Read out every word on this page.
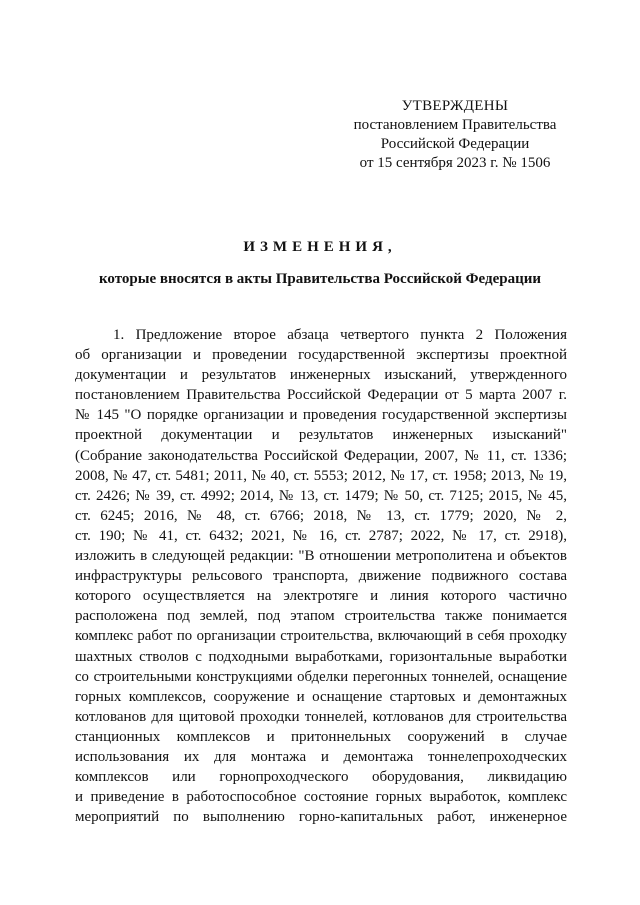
УТВЕРЖДЕНЫ
постановлением Правительства
Российской Федерации
от 15 сентября 2023 г. № 1506
ИЗМЕНЕНИЯ,
которые вносятся в акты Правительства Российской Федерации
1. Предложение второе абзаца четвертого пункта 2 Положения
об организации и проведении государственной экспертизы проектной
документации и результатов инженерных изысканий, утвержденного
постановлением Правительства Российской Федерации от 5 марта 2007 г.
№ 145 "О порядке организации и проведения государственной экспертизы
проектной документации и результатов инженерных изысканий"
(Собрание законодательства Российской Федерации, 2007, № 11, ст. 1336;
2008, № 47, ст. 5481; 2011, № 40, ст. 5553; 2012, № 17, ст. 1958; 2013, № 19,
ст. 2426; № 39, ст. 4992; 2014, № 13, ст. 1479; № 50, ст. 7125; 2015, № 45,
ст. 6245; 2016, № 48, ст. 6766; 2018, № 13, ст. 1779; 2020, № 2,
ст. 190; № 41, ст. 6432; 2021, № 16, ст. 2787; 2022, № 17, ст. 2918),
изложить в следующей редакции: "В отношении метрополитена и объектов
инфраструктуры рельсового транспорта, движение подвижного состава
которого осуществляется на электротяге и линия которого частично
расположена под землей, под этапом строительства также понимается
комплекс работ по организации строительства, включающий в себя проходку
шахтных стволов с подходными выработками, горизонтальные выработки
со строительными конструкциями обделки перегонных тоннелей, оснащение
горных комплексов, сооружение и оснащение стартовых и демонтажных
котлованов для щитовой проходки тоннелей, котлованов для строительства
станционных комплексов и притоннельных сооружений в случае
использования их для монтажа и демонтажа тоннелепроходческих
комплексов или горнопроходческого оборудования, ликвидацию
и приведение в работоспособное состояние горных выработок, комплекс
мероприятий по выполнению горно-капитальных работ, инженерное
